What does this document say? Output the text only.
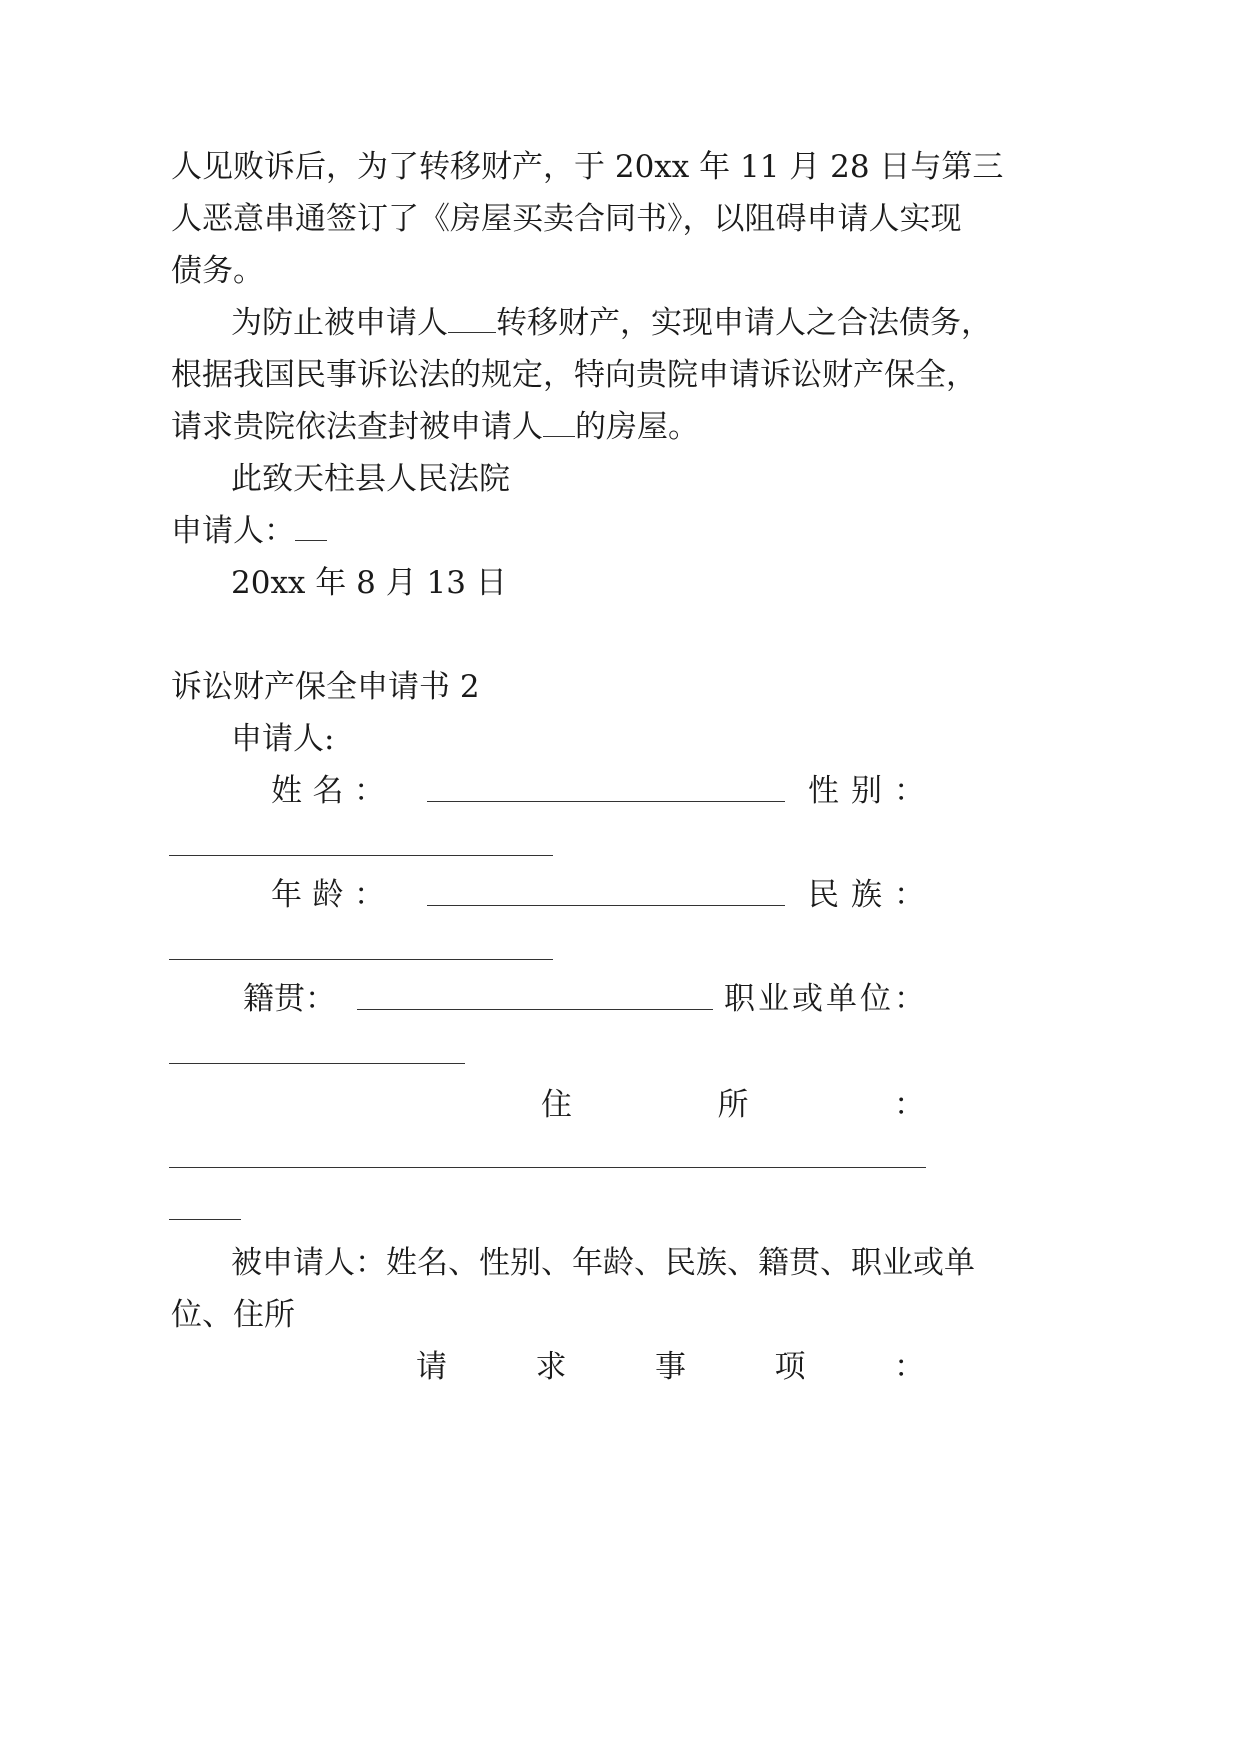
人见败诉后，为了转移财产，于 20xx 年 11 月 28 日与第三
人恶意串通签订了《房屋买卖合同书》，以阻碍申请人实现
债务。
为防止被申请人 转移财产，实现申请人之合法债务，
根据我国民事诉讼法的规定，特向贵院申请诉讼财产保全，
请求贵院依法查封被申请人 的房屋。
此致天柱县人民法院
申请人：
20xx 年 8 月 13 日
诉讼财产保全申请书 2
申请人:
姓 名 ：	性 别 ：
年 龄 ：	民 族 ：
籍 贯 ：	职 业 或 单 位 ：
住	所	：
被申请人：姓名、性别、年龄、民族、籍贯、职业或单
位、住所
请	求	事	项	：
